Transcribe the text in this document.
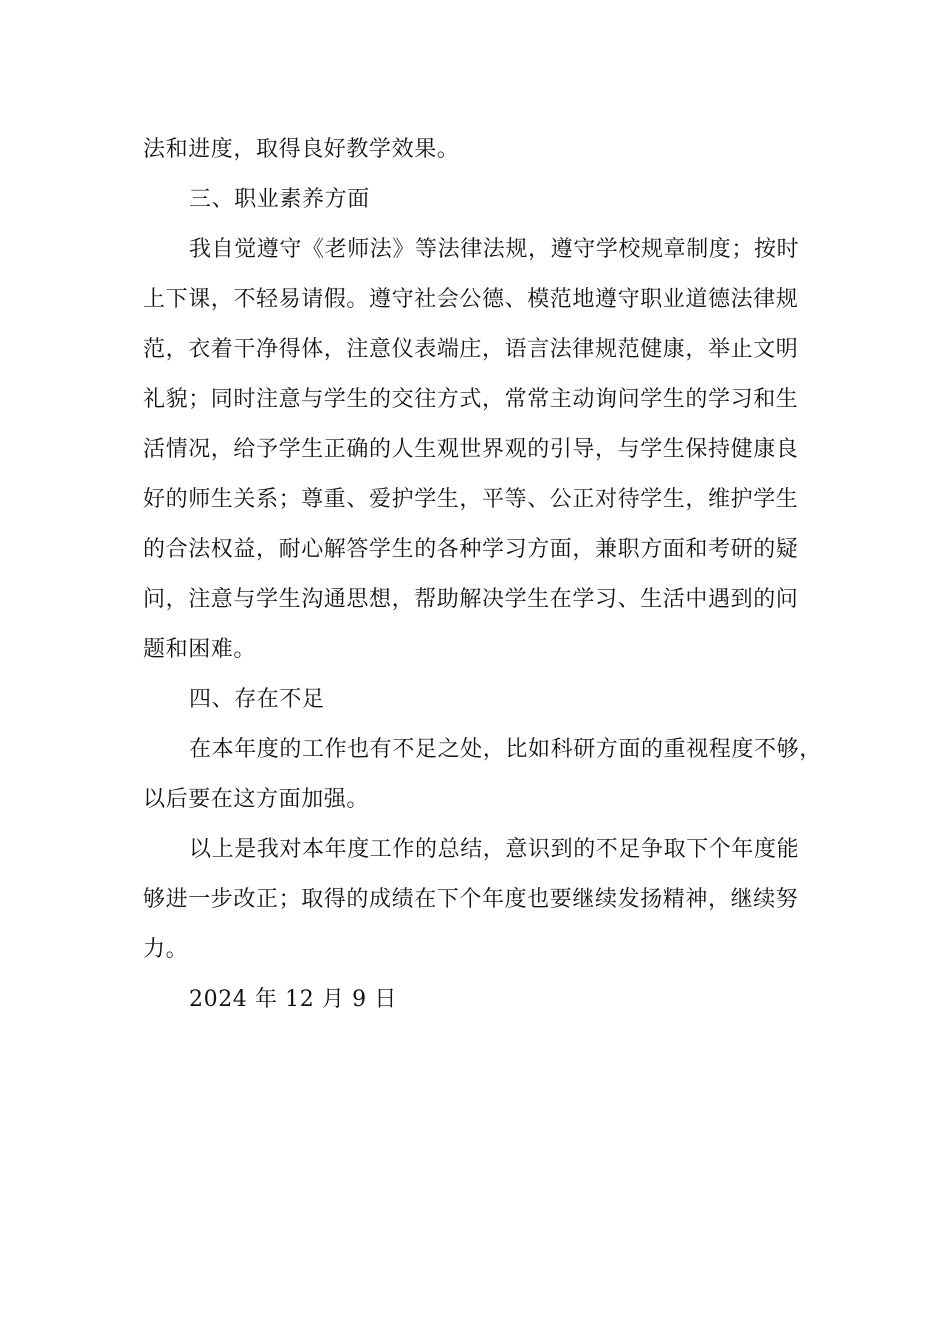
法和进度，取得良好教学效果。
三、职业素养方面
我自觉遵守《老师法》等法律法规，遵守学校规章制度；按时
上下课，不轻易请假。遵守社会公德、模范地遵守职业道德法律规
范，衣着干净得体，注意仪表端庄，语言法律规范健康，举止文明
礼貌；同时注意与学生的交往方式，常常主动询问学生的学习和生
活情况，给予学生正确的人生观世界观的引导，与学生保持健康良
好的师生关系；尊重、爱护学生，平等、公正对待学生，维护学生
的合法权益，耐心解答学生的各种学习方面，兼职方面和考研的疑
问，注意与学生沟通思想，帮助解决学生在学习、生活中遇到的问
题和困难。
四、存在不足
在本年度的工作也有不足之处，比如科研方面的重视程度不够，
以后要在这方面加强。
以上是我对本年度工作的总结，意识到的不足争取下个年度能
够进一步改正；取得的成绩在下个年度也要继续发扬精神，继续努
力。
2024 年 12 月 9 日
